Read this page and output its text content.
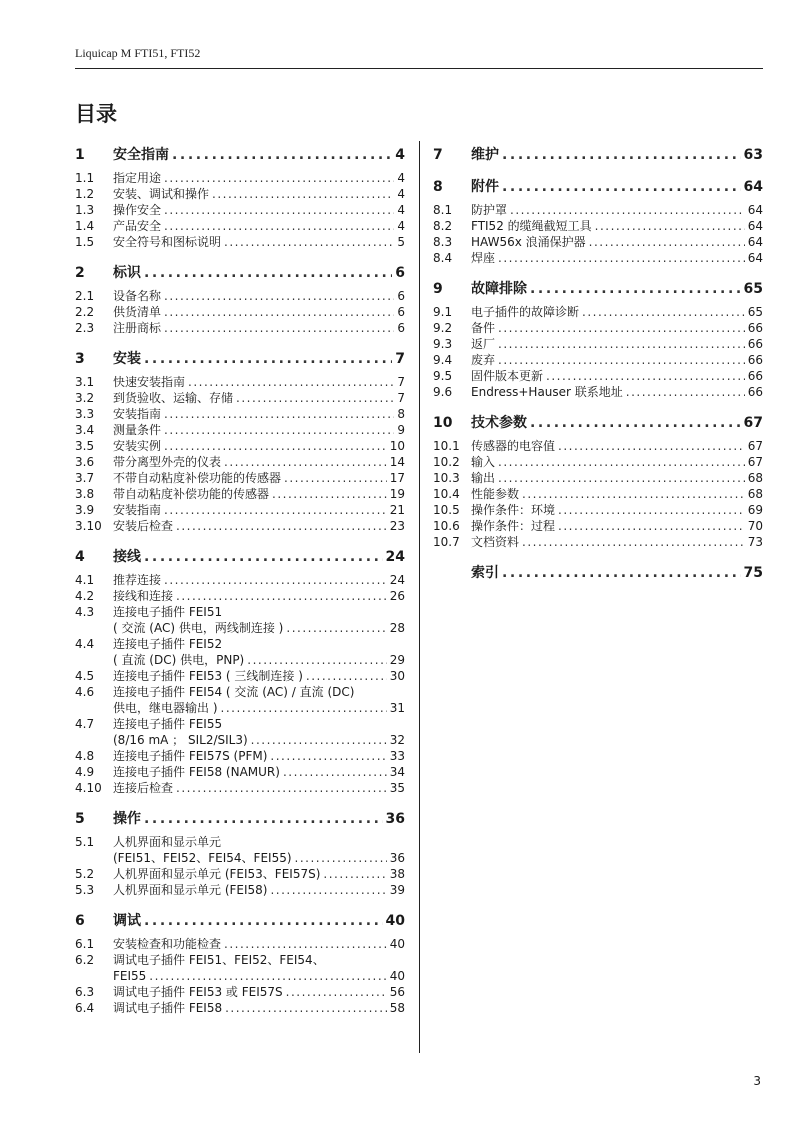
Liquicap M FTI51, FTI52
目录
1	安全指南 .....	4
1.1	指定用途 .....	4
1.2	安装、调试和操作 .....	4
1.3	操作安全 .....	4
1.4	产品安全 .....	4
1.5	安全符号和图标说明 .....	5
2	标识 .....	6
2.1	设备名称 .....	6
2.2	供货清单 .....	6
2.3	注册商标 .....	6
3	安装 .....	7
3.1	快速安装指南 .....	7
3.2	到货验收、运输、存储 .....	7
3.3	安装指南 .....	8
3.4	测量条件 .....	9
3.5	安装实例 .....	10
3.6	带分离型外壳的仪表 .....	14
3.7	不带自动粘度补偿功能的传感器 .....	17
3.8	带自动粘度补偿功能的传感器 .....	19
3.9	安装指南 .....	21
3.10 安装后检查 .....	23
4	接线 .....	24
4.1	推荐连接 .....	24
4.2	接线和连接 .....	26
4.3	连接电子插件 FEI51
( 交流 (AC) 供电，两线制连接 ) .....	28
4.4	连接电子插件 FEI52
( 直流 (DC) 供电，PNP) .....	29
4.5	连接电子插件 FEI53 ( 三线制连接 ) .....	30
4.6	连接电子插件 FEI54 ( 交流 (AC) / 直流 (DC)
供电，继电器输出 ) .....	31
4.7	连接电子插件 FEI55
(8/16 mA ； SIL2/SIL3) .....	32
4.8	连接电子插件 FEI57S (PFM) .....	33
4.9	连接电子插件 FEI58 (NAMUR) .....	34
4.10 连接后检查 .....	35
5	操作 .....	36
5.1	人机界面和显示单元
(FEI51、FEI52、FEI54、FEI55) .....	36
5.2	人机界面和显示单元 (FEI53、FEI57S) .....	38
5.3	人机界面和显示单元 (FEI58) .....	39
6	调试 .....	40
6.1	安装检查和功能检查 .....	40
6.2	调试电子插件 FEI51、FEI52、FEI54、
FEI55 .....	40
6.3	调试电子插件 FEI53 或 FEI57S .....	56
6.4	调试电子插件 FEI58 .....	58
7	维护 .....	63
8	附件 .....	64
8.1	防护罩 .....	64
8.2	FTI52 的缆绳截短工具 .....	64
8.3	HAW56x 浪涌保护器 .....	64
8.4	焊座 .....	64
9	故障排除 .....	65
9.1	电子插件的故障诊断 .....	65
9.2	备件 .....	66
9.3	返厂 .....	66
9.4	废弃 .....	66
9.5	固件版本更新 .....	66
9.6	Endress+Hauser 联系地址 .....	66
10	技术参数 .....	67
10.1 传感器的电容值 .....	67
10.2 输入 .....	67
10.3 输出 .....	68
10.4 性能参数 .....	68
10.5 操作条件：环境 .....	69
10.6 操作条件：过程 .....	70
10.7 文档资料 .....	73
索引 .....	75
3
